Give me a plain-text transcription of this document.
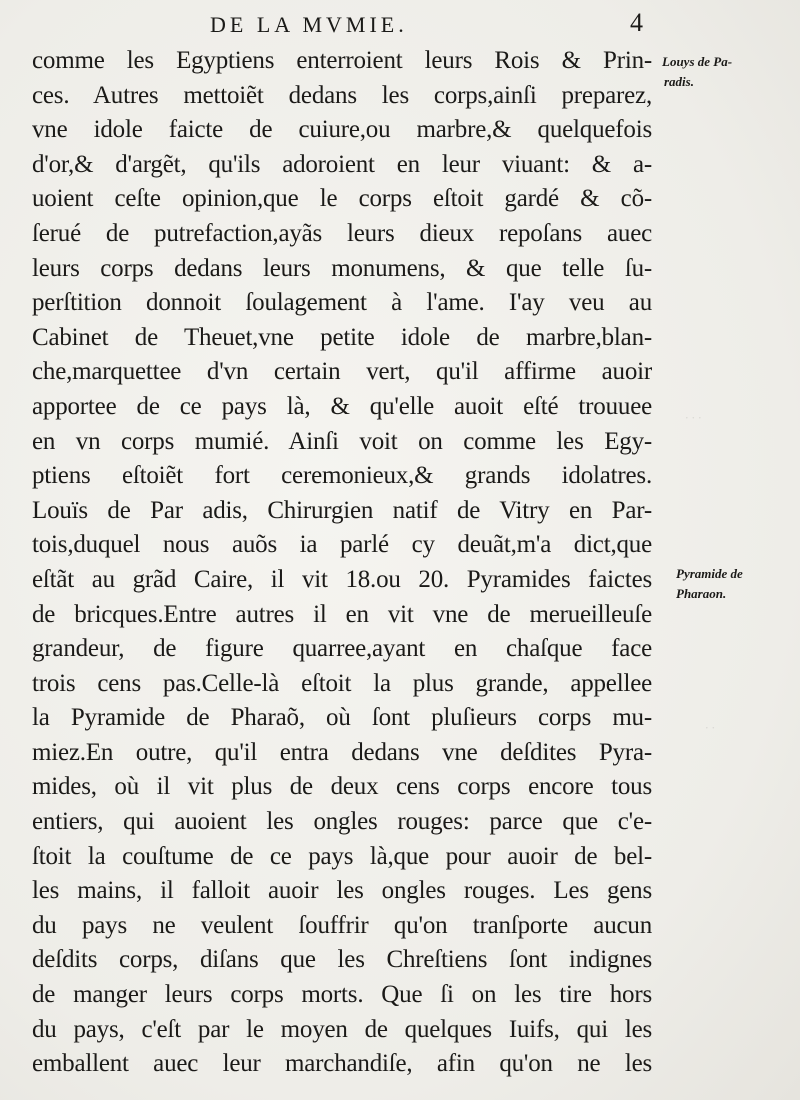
DE LA MVMIE.	4
comme les Egyptiens enterroient leurs Rois & Prin-
ces. Autres mettoiẽt dedans les corps,ainſi preparez,
vne idole faicte de cuiure,ou marbre,& quelquefois
d'or,& d'argẽt, qu'ils adoroient en leur viuant: & a-
uoient ceſte opinion,que le corps eſtoit gardé & cõ-
ſerué de putrefaction,ayãs leurs dieux repoſans auec
leurs corps dedans leurs monumens, & que telle ſu-
perſtition donnoit ſoulagement à l'ame. I'ay veu au
Cabinet de Theuet,vne petite idole de marbre,blan-
che,marquettee d'vn certain vert, qu'il affirme auoir
apportee de ce pays là, & qu'elle auoit eſté trouuee
en vn corps mumié. Ainſi voit on comme les Egy-
ptiens eſtoiẽt fort ceremonieux,& grands idolatres.
Louïs de Par adis, Chirurgien natif de Vitry en Par-
tois,duquel nous auõs ia parlé cy deuãt,m'a dict,que
eſtãt au grãd Caire, il vit 18.ou 20. Pyramides faictes
de bricques.Entre autres il en vit vne de merueilleuſe
grandeur, de figure quarree,ayant en chaſque face
trois cens pas.Celle-là eſtoit la plus grande, appellee
la Pyramide de Pharaõ, où ſont pluſieurs corps mu-
miez.En outre, qu'il entra dedans vne deſdites Pyra-
mides, où il vit plus de deux cens corps encore tous
entiers, qui auoient les ongles rouges: parce que c'e-
ſtoit la couſtume de ce pays là,que pour auoir de bel-
les mains, il falloit auoir les ongles rouges. Les gens
du pays ne veulent ſouffrir qu'on tranſporte aucun
deſdits corps, diſans que les Chreſtiens ſont indignes
de manger leurs corps morts. Que ſi on les tire hors
du pays, c'eſt par le moyen de quelques Iuifs, qui les
emballent auec leur marchandiſe, afin qu'on ne les
Louys de Pa-
radis.
Pyramide de
Pharaon.
· · ·
· ·
